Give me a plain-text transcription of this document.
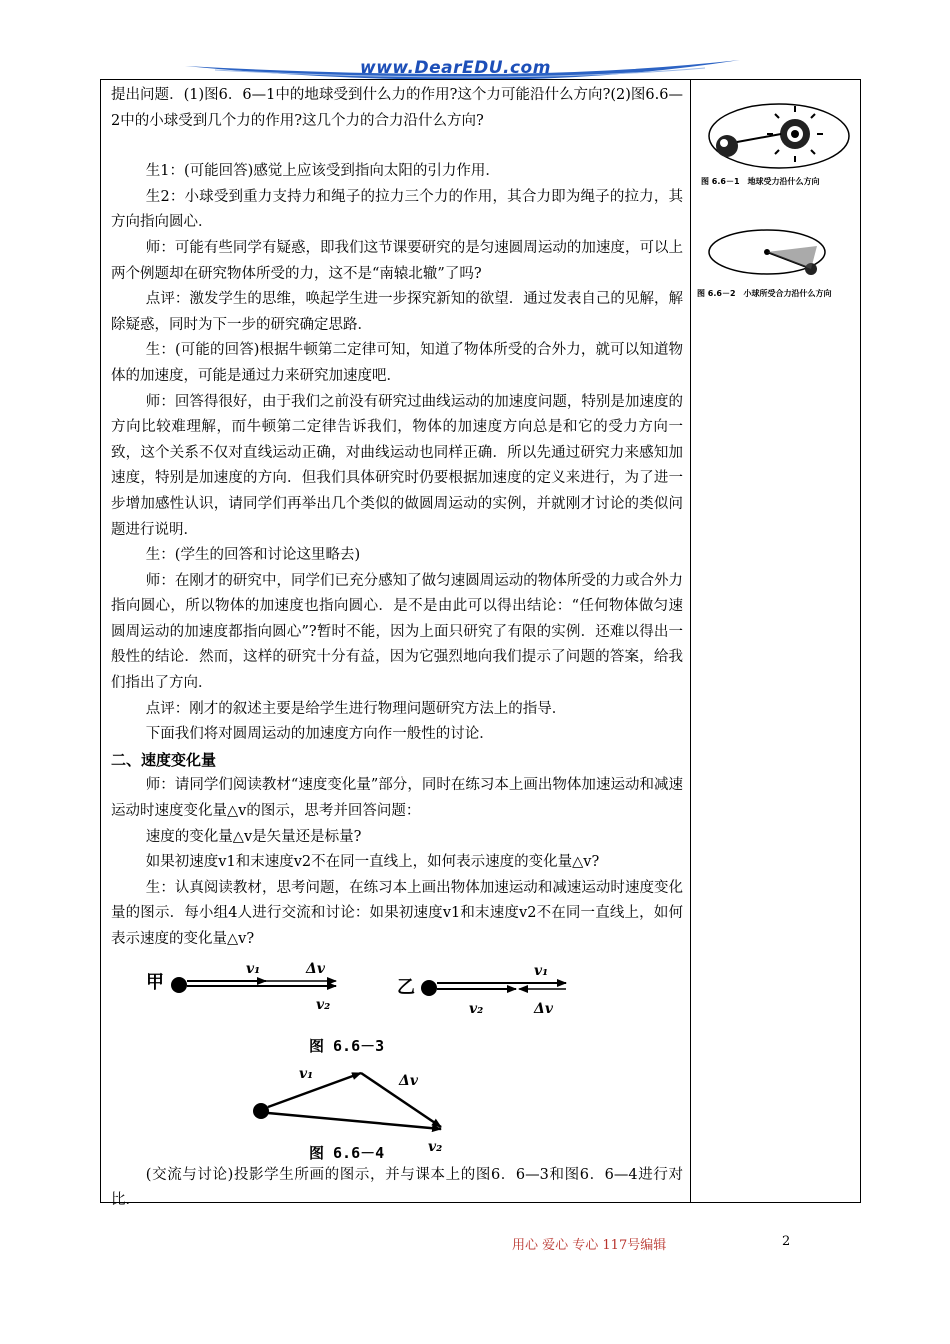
www.DearEDU.com

提出问题．(1)图6．6—1中的地球受到什么力的作用?这个力可能沿什么方向?(2)图6.6—2中的小球受到几个力的作用?这几个力的合力沿什么方向?

生1：(可能回答)感觉上应该受到指向太阳的引力作用．

生2：小球受到重力支持力和绳子的拉力三个力的作用，其合力即为绳子的拉力，其方向指向圆心．

师：可能有些同学有疑惑，即我们这节课要研究的是匀速圆周运动的加速度，可以上两个例题却在研究物体所受的力，这不是“南辕北辙”了吗?

点评：激发学生的思维，唤起学生进一步探究新知的欲望．通过发表自己的见解，解除疑惑，同时为下一步的研究确定思路．

生：(可能的回答)根据牛顿第二定律可知，知道了物体所受的合外力，就可以知道物体的加速度，可能是通过力来研究加速度吧．

师：回答得很好，由于我们之前没有研究过曲线运动的加速度问题，特别是加速度的方向比较难理解，而牛顿第二定律告诉我们，物体的加速度方向总是和它的受力方向一致，这个关系不仅对直线运动正确，对曲线运动也同样正确．所以先通过研究力来感知加速度，特别是加速度的方向．但我们具体研究时仍要根据加速度的定义来进行，为了进一步增加感性认识，请同学们再举出几个类似的做圆周运动的实例，并就刚才讨论的类似问题进行说明．

生：(学生的回答和讨论这里略去)

师：在刚才的研究中，同学们已充分感知了做匀速圆周运动的物体所受的力或合外力指向圆心，所以物体的加速度也指向圆心．是不是由此可以得出结论：“任何物体做匀速圆周运动的加速度都指向圆心”?暂时不能，因为上面只研究了有限的实例．还难以得出一般性的结论．然而，这样的研究十分有益，因为它强烈地向我们提示了问题的答案，给我们指出了方向．

点评：刚才的叙述主要是给学生进行物理问题研究方法上的指导．

下面我们将对圆周运动的加速度方向作一般性的讨论．

二、速度变化量

师：请同学们阅读教材“速度变化量”部分，同时在练习本上画出物体加速运动和减速运动时速度变化量△v的图示，思考并回答问题：

速度的变化量△v是矢量还是标量?

如果初速度v1和末速度v2不在同一直线上，如何表示速度的变化量△v?

生：认真阅读教材，思考问题，在练习本上画出物体加速运动和减速运动时速度变化量的图示．每小组4人进行交流和讨论：如果初速度v1和末速度v2不在同一直线上，如何表示速度的变化量△v?

甲
v₁	Δv
v₂
乙
v₁
v₂	Δv
图 6.6－3
v₁	Δv
v₂
图 6.6－4

(交流与讨论)投影学生所画的图示，并与课本上的图6．6—3和图6．6—4进行对比．

图 6.6－1　地球受力沿什么方向

图 6.6－2　小球所受合力沿什么方向
用心 爱心 专心 117号编辑	2
